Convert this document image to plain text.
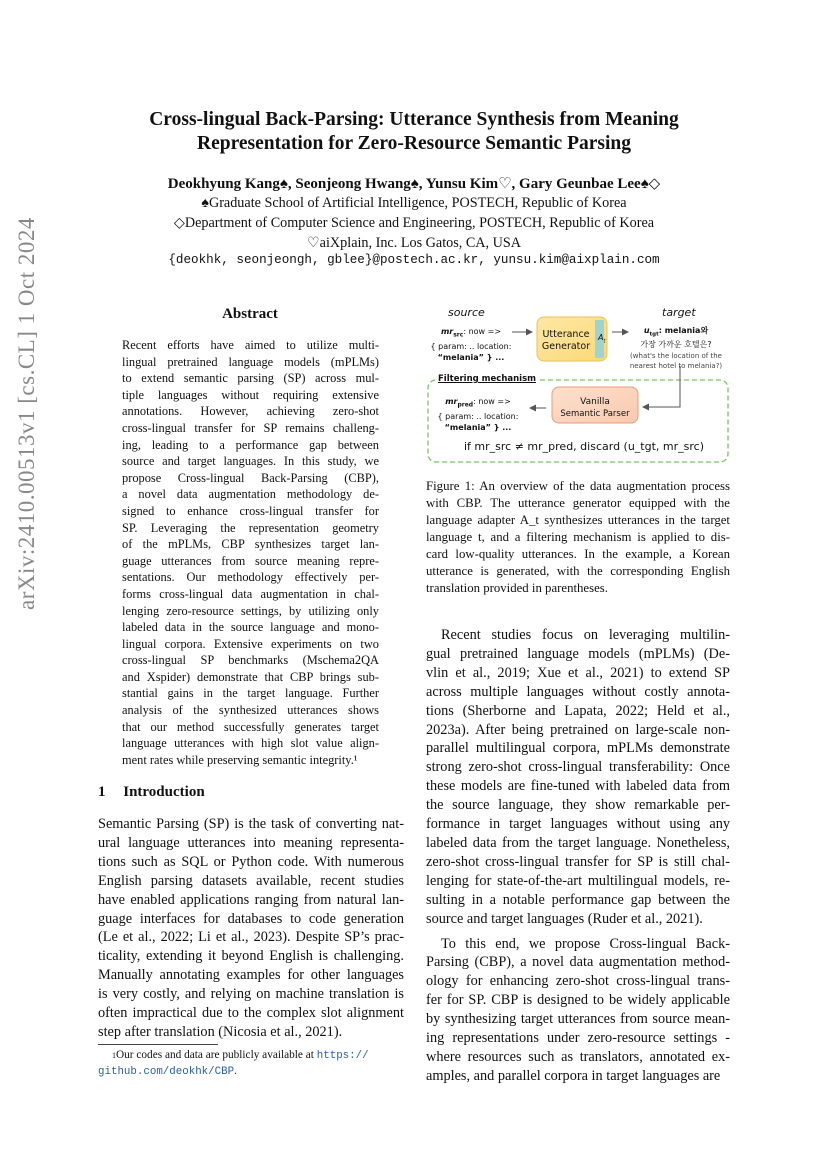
arXiv:2410.00513v1 [cs.CL] 1 Oct 2024
Cross-lingual Back-Parsing: Utterance Synthesis from Meaning
Representation for Zero-Resource Semantic Parsing
Deokhyung Kang♠, Seonjeong Hwang♠, Yunsu Kim♡, Gary Geunbae Lee♠◇
♠Graduate School of Artificial Intelligence, POSTECH, Republic of Korea
◇Department of Computer Science and Engineering, POSTECH, Republic of Korea
♡aiXplain, Inc. Los Gatos, CA, USA
{deokhk, seonjeongh, gblee}@postech.ac.kr, yunsu.kim@aixplain.com
Abstract
Recent efforts have aimed to utilize multi-
lingual pretrained language models (mPLMs)
to extend semantic parsing (SP) across mul-
tiple languages without requiring extensive
annotations. However, achieving zero-shot
cross-lingual transfer for SP remains challeng-
ing, leading to a performance gap between
source and target languages. In this study, we
propose Cross-lingual Back-Parsing (CBP),
a novel data augmentation methodology de-
signed to enhance cross-lingual transfer for
SP. Leveraging the representation geometry
of the mPLMs, CBP synthesizes target lan-
guage utterances from source meaning repre-
sentations. Our methodology effectively per-
forms cross-lingual data augmentation in chal-
lenging zero-resource settings, by utilizing only
labeled data in the source language and mono-
lingual corpora. Extensive experiments on two
cross-lingual SP benchmarks (Mschema2QA
and Xspider) demonstrate that CBP brings sub-
stantial gains in the target language. Further
analysis of the synthesized utterances shows
that our method successfully generates target
language utterances with high slot value align-
ment rates while preserving semantic integrity.¹
1 Introduction
Semantic Parsing (SP) is the task of converting nat-
ural language utterances into meaning representa-
tions such as SQL or Python code. With numerous
English parsing datasets available, recent studies
have enabled applications ranging from natural lan-
guage interfaces for databases to code generation
(Le et al., 2022; Li et al., 2023). Despite SP’s prac-
ticality, extending it beyond English is challenging.
Manually annotating examples for other languages
is very costly, and relying on machine translation is
often impractical due to the complex slot alignment
step after translation (Nicosia et al., 2021).
$^1$Our codes and data are publicly available at https://
github.com/deokhk/CBP.
source	target
$mr_{src}$: now =>
{ param: .. location:
“melania” } ...
Utterance
Generator
$A_t$
$u_{tgt}$: melania와
가장 가까운 호텔은?
(what's the location of the
nearest hotel to melania?)
Filtering mechanism
$mr_{pred}$: now =>
{ param: .. location:
“melania” } ...
Vanilla
Semantic Parser
if mr_src ≠ mr_pred, discard (u_tgt, mr_src)
Figure 1: An overview of the data augmentation process
with CBP. The utterance generator equipped with the
language adapter A_t synthesizes utterances in the target
language t, and a filtering mechanism is applied to dis-
card low-quality utterances. In the example, a Korean
utterance is generated, with the corresponding English
translation provided in parentheses.
Recent studies focus on leveraging multilin-
gual pretrained language models (mPLMs) (De-
vlin et al., 2019; Xue et al., 2021) to extend SP
across multiple languages without costly annota-
tions (Sherborne and Lapata, 2022; Held et al.,
2023a). After being pretrained on large-scale non-
parallel multilingual corpora, mPLMs demonstrate
strong zero-shot cross-lingual transferability: Once
these models are fine-tuned with labeled data from
the source language, they show remarkable per-
formance in target languages without using any
labeled data from the target language. Nonetheless,
zero-shot cross-lingual transfer for SP is still chal-
lenging for state-of-the-art multilingual models, re-
sulting in a notable performance gap between the
source and target languages (Ruder et al., 2021).
To this end, we propose Cross-lingual Back-
Parsing (CBP), a novel data augmentation method-
ology for enhancing zero-shot cross-lingual trans-
fer for SP. CBP is designed to be widely applicable
by synthesizing target utterances from source mean-
ing representations under zero-resource settings -
where resources such as translators, annotated ex-
amples, and parallel corpora in target languages are
